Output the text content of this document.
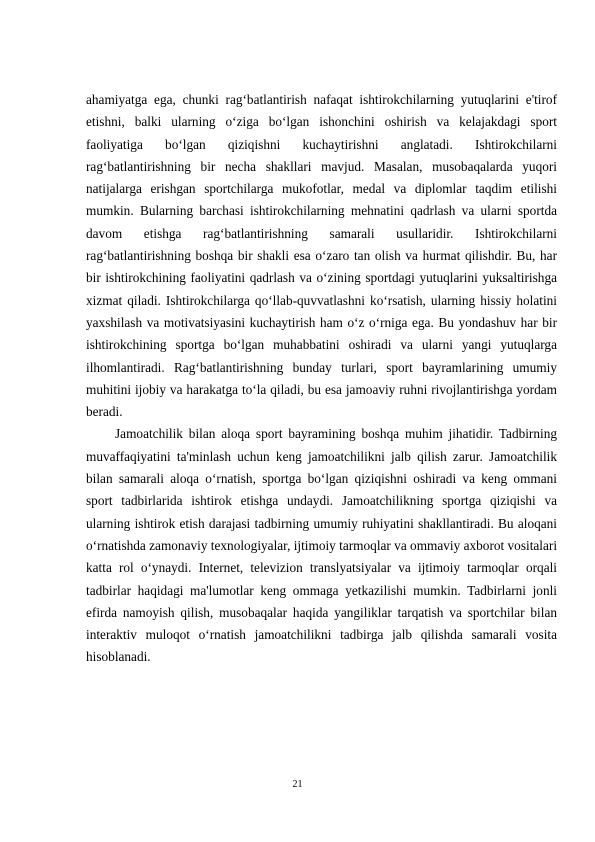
ahamiyatga ega, chunki rag‘batlantirish nafaqat ishtirokchilarning yutuqlarini e'tirof etishni, balki ularning o‘ziga bo‘lgan ishonchini oshirish va kelajakdagi sport faoliyatiga bo‘lgan qiziqishni kuchaytirishni anglatadi. Ishtirokchilarni rag‘batlantirishning bir necha shakllari mavjud. Masalan, musobaqalarda yuqori natijalarga erishgan sportchilarga mukofotlar, medal va diplomlar taqdim etilishi mumkin. Bularning barchasi ishtirokchilarning mehnatini qadrlash va ularni sportda davom etishga rag‘batlantirishning samarali usullaridir. Ishtirokchilarni rag‘batlantirishning boshqa bir shakli esa o‘zaro tan olish va hurmat qilishdir. Bu, har bir ishtirokchining faoliyatini qadrlash va o‘zining sportdagi yutuqlarini yuksaltirishga xizmat qiladi. Ishtirokchilarga qo‘llab-quvvatlashni ko‘rsatish, ularning hissiy holatini yaxshilash va motivatsiyasini kuchaytirish ham o‘z o‘rniga ega. Bu yondashuv har bir ishtirokchining sportga bo‘lgan muhabbatini oshiradi va ularni yangi yutuqlarga ilhomlantiradi. Rag‘batlantirishning bunday turlari, sport bayramlarining umumiy muhitini ijobiy va harakatga to‘la qiladi, bu esa jamoaviy ruhni rivojlantirishga yordam beradi.

Jamoatchilik bilan aloqa sport bayramining boshqa muhim jihatidir. Tadbirning muvaffaqiyatini ta'minlash uchun keng jamoatchilikni jalb qilish zarur. Jamoatchilik bilan samarali aloqa o‘rnatish, sportga bo‘lgan qiziqishni oshiradi va keng ommani sport tadbirlarida ishtirok etishga undaydi. Jamoatchilikning sportga qiziqishi va ularning ishtirok etish darajasi tadbirning umumiy ruhiyatini shakllantiradi. Bu aloqani o‘rnatishda zamonaviy texnologiyalar, ijtimoiy tarmoqlar va ommaviy axborot vositalari katta rol o‘ynaydi. Internet, televizion translyatsiyalar va ijtimoiy tarmoqlar orqali tadbirlar haqidagi ma'lumotlar keng ommaga yetkazilishi mumkin. Tadbirlarni jonli efirda namoyish qilish, musobaqalar haqida yangiliklar tarqatish va sportchilar bilan interaktiv muloqot o‘rnatish jamoatchilikni tadbirga jalb qilishda samarali vosita hisoblanadi.

21
